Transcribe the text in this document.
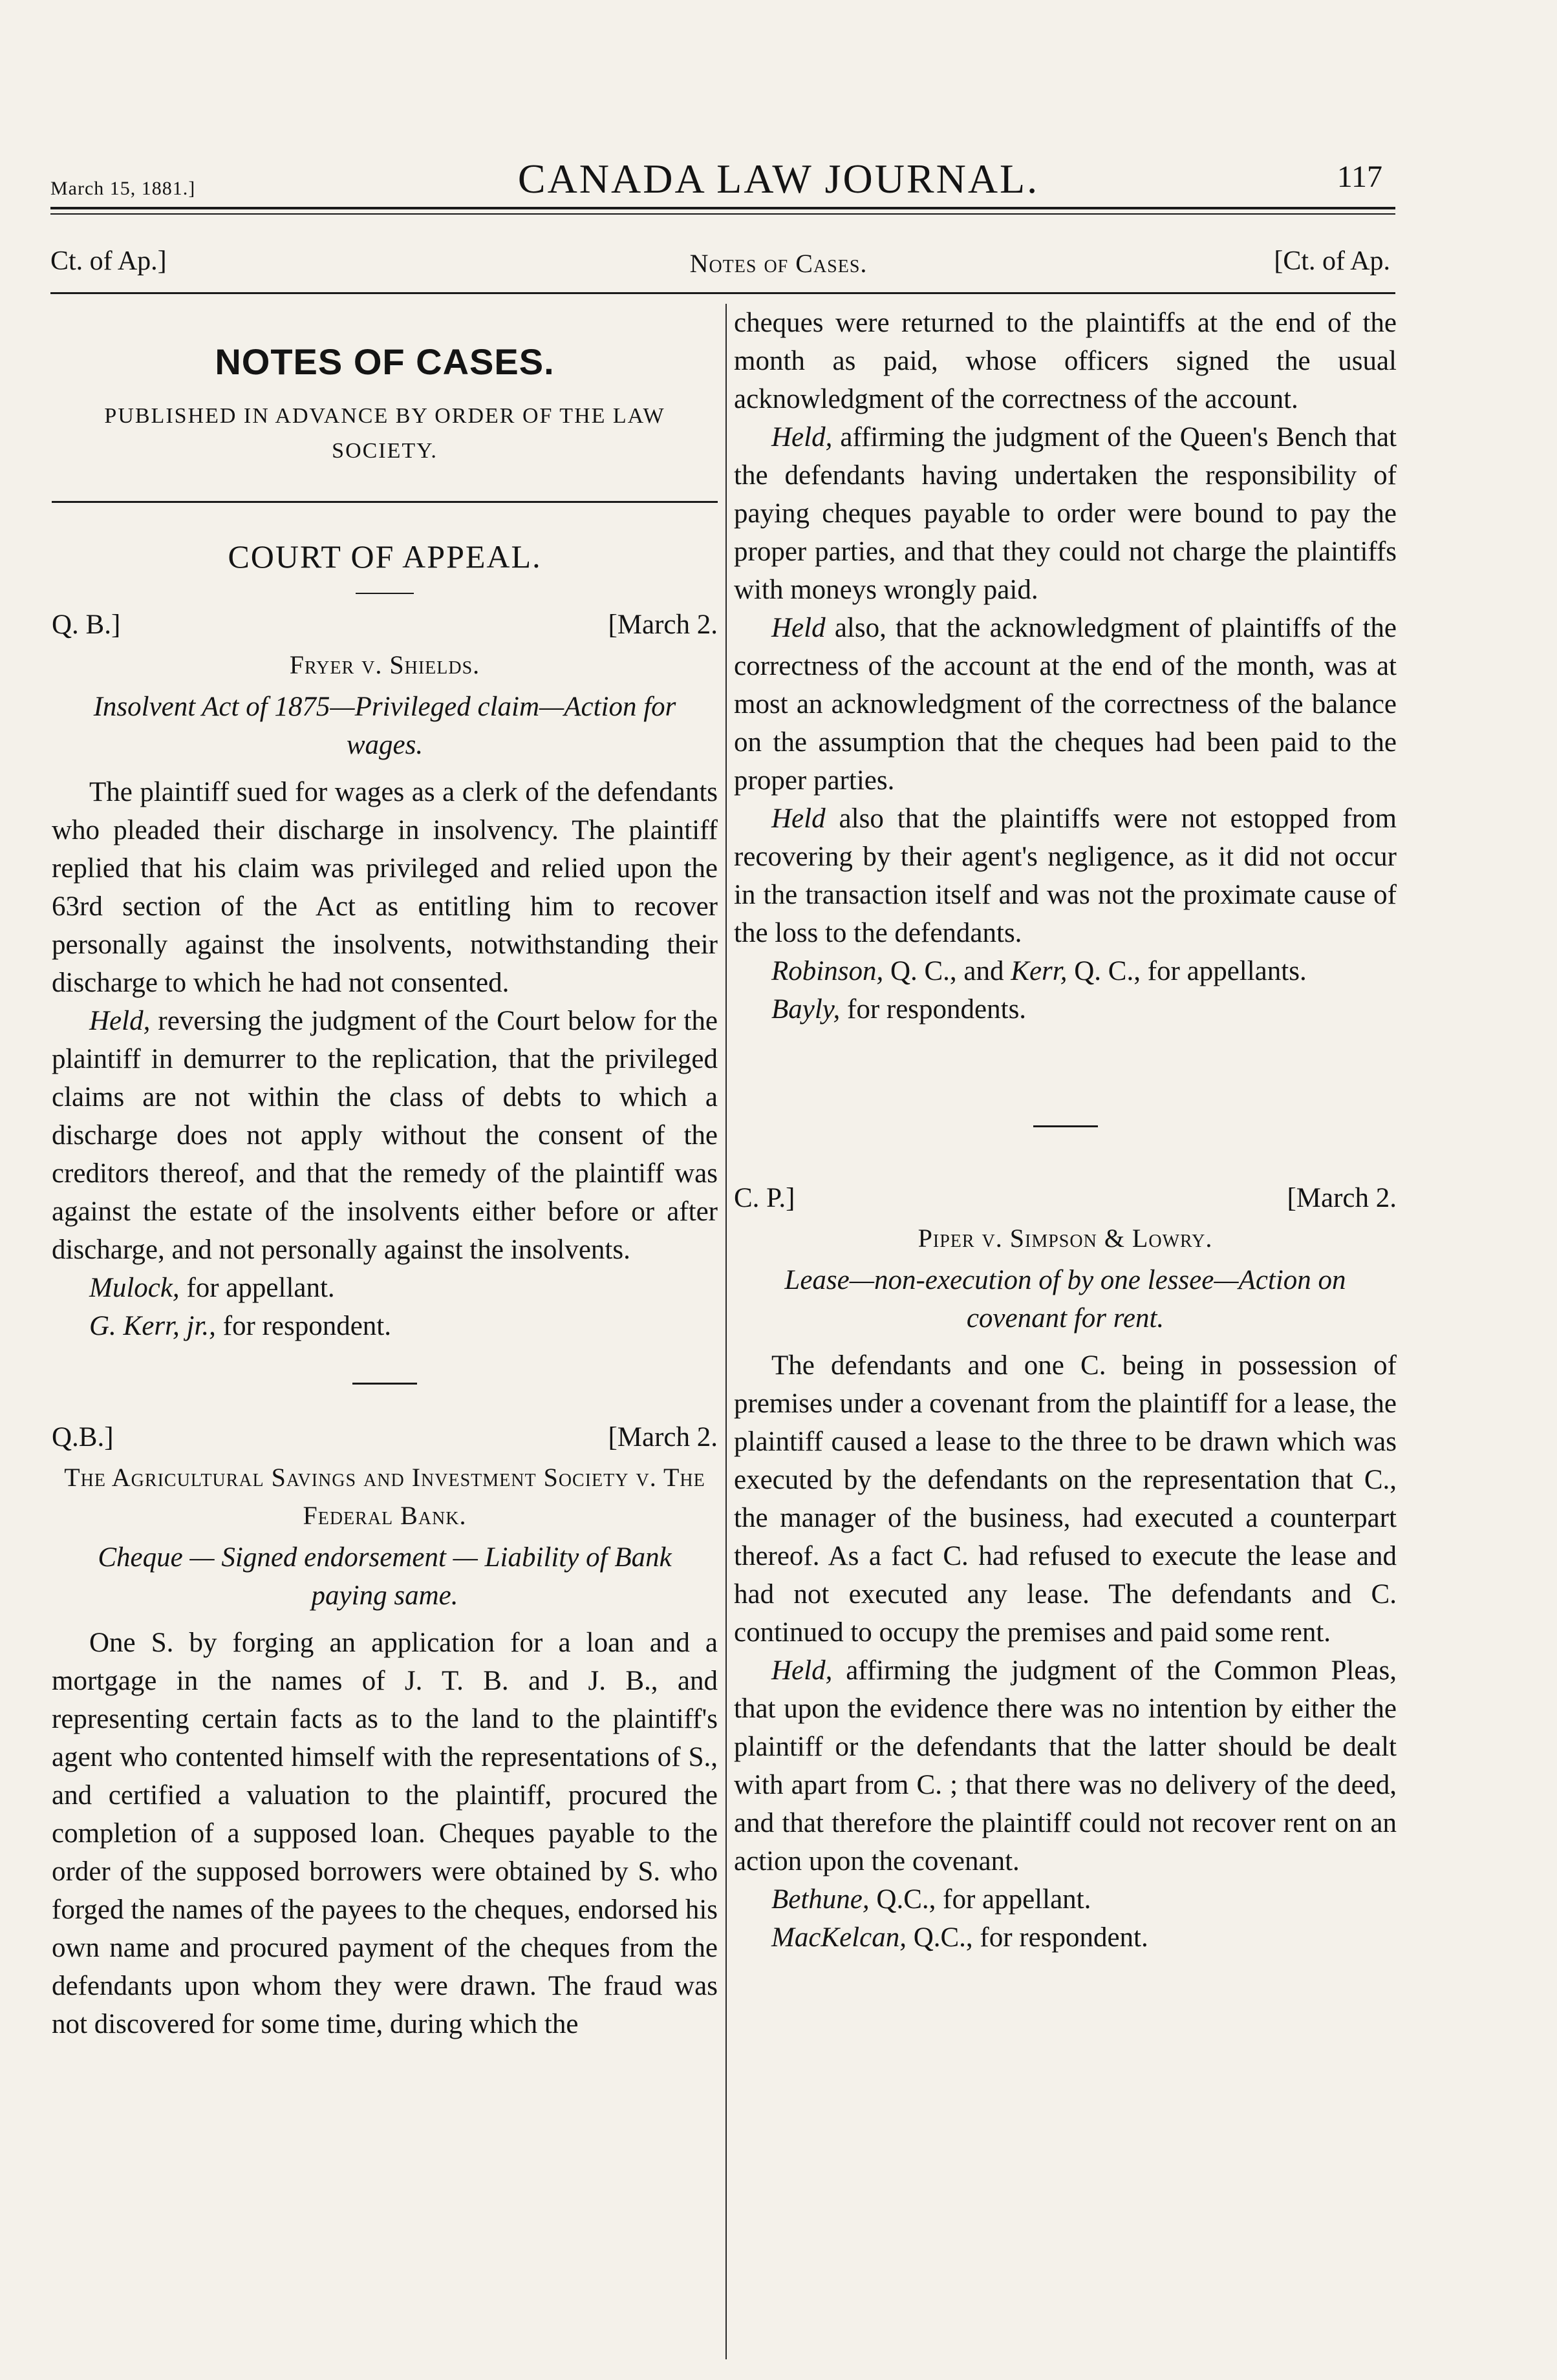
March 15, 1881.]	CANADA LAW JOURNAL.	117
Ct. of Ap.]	Notes of Cases.	[Ct. of Ap.
NOTES OF CASES.
PUBLISHED IN ADVANCE BY ORDER OF THE LAW SOCIETY.
COURT OF APPEAL.
Q. B.]	[March 2.
Fryer v. Shields.
Insolvent Act of 1875—Privileged claim—Action for wages.

The plaintiff sued for wages as a clerk of the defendants who pleaded their discharge in insolvency. The plaintiff replied that his claim was privileged and relied upon the 63rd section of the Act as entitling him to recover personally against the insolvents, notwithstanding their discharge to which he had not consented.

Held, reversing the judgment of the Court below for the plaintiff in demurrer to the replication, that the privileged claims are not within the class of debts to which a discharge does not apply without the consent of the creditors thereof, and that the remedy of the plaintiff was against the estate of the insolvents either before or after discharge, and not personally against the insolvents.

Mulock, for appellant.

G. Kerr, jr., for respondent.

Q.B.]	[March 2.
The Agricultural Savings and Investment Society v. The Federal Bank.
Cheque — Signed endorsement — Liability of Bank paying same.

One S. by forging an application for a loan and a mortgage in the names of J. T. B. and J. B., and representing certain facts as to the land to the plaintiff's agent who contented himself with the representations of S., and certified a valuation to the plaintiff, procured the completion of a supposed loan. Cheques payable to the order of the supposed borrowers were obtained by S. who forged the names of the payees to the cheques, endorsed his own name and procured payment of the cheques from the defendants upon whom they were drawn. The fraud was not discovered for some time, during which the

cheques were returned to the plaintiffs at the end of the month as paid, whose officers signed the usual acknowledgment of the correctness of the account.

Held, affirming the judgment of the Queen's Bench that the defendants having undertaken the responsibility of paying cheques payable to order were bound to pay the proper parties, and that they could not charge the plaintiffs with moneys wrongly paid.

Held also, that the acknowledgment of plaintiffs of the correctness of the account at the end of the month, was at most an acknowledgment of the correctness of the balance on the assumption that the cheques had been paid to the proper parties.

Held also that the plaintiffs were not estopped from recovering by their agent's negligence, as it did not occur in the transaction itself and was not the proximate cause of the loss to the defendants.

Robinson, Q. C., and Kerr, Q. C., for appellants.

Bayly, for respondents.

C. P.]	[March 2.
Piper v. Simpson & Lowry.
Lease—non-execution of by one lessee—Action on covenant for rent.

The defendants and one C. being in possession of premises under a covenant from the plaintiff for a lease, the plaintiff caused a lease to the three to be drawn which was executed by the defendants on the representation that C., the manager of the business, had executed a counterpart thereof. As a fact C. had refused to execute the lease and had not executed any lease. The defendants and C. continued to occupy the premises and paid some rent.

Held, affirming the judgment of the Common Pleas, that upon the evidence there was no intention by either the plaintiff or the defendants that the latter should be dealt with apart from C. ; that there was no delivery of the deed, and that therefore the plaintiff could not recover rent on an action upon the covenant.

Bethune, Q.C., for appellant.

MacKelcan, Q.C., for respondent.
